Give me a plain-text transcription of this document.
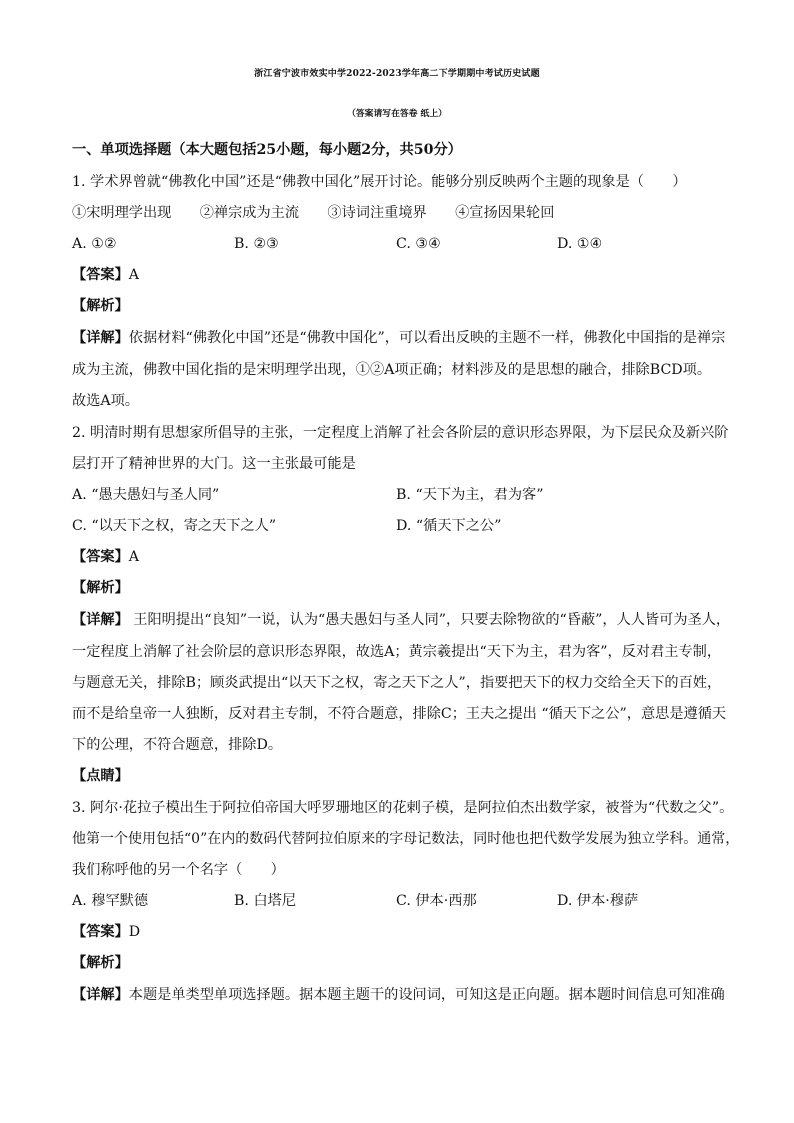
浙江省宁波市效实中学2022-2023学年高二下学期期中考试历史试题
（答案请写在答卷 纸上）
一、单项选择题（本大题包括25小题，每小题2分，共50分）
1. 学术界曾就“佛教化中国”还是“佛教中国化”展开讨论。能够分别反映两个主题的现象是（　　）
①宋明理学出现　　②禅宗成为主流　　③诗词注重境界　　④宣扬因果轮回
A. ①②	B. ②③	C. ③④	D. ①④
【答案】A
【解析】
【详解】依据材料“佛教化中国”还是“佛教中国化”，可以看出反映的主题不一样，佛教化中国指的是禅宗
成为主流，佛教中国化指的是宋明理学出现，①②A项正确；材料涉及的是思想的融合，排除BCD项。
故选A项。
2. 明清时期有思想家所倡导的主张，一定程度上消解了社会各阶层的意识形态界限，为下层民众及新兴阶
层打开了精神世界的大门。这一主张最可能是
A. “愚夫愚妇与圣人同”	B. “天下为主，君为客”
C. “以天下之权，寄之天下之人”	D. “循天下之公”
【答案】A
【解析】
【详解】 王阳明提出“良知”一说，认为“愚夫愚妇与圣人同”，只要去除物欲的“昏蔽”，人人皆可为圣人，
一定程度上消解了社会阶层的意识形态界限，故选A；黄宗羲提出“天下为主，君为客”，反对君主专制，
与题意无关，排除B；顾炎武提出“以天下之权，寄之天下之人”，指要把天下的权力交给全天下的百姓，
而不是给皇帝一人独断，反对君主专制，不符合题意，排除C；王夫之提出 “循天下之公”，意思是遵循天
下的公理，不符合题意，排除D。
【点睛】
3. 阿尔·花拉子模出生于阿拉伯帝国大呼罗珊地区的花剌子模，是阿拉伯杰出数学家，被誉为“代数之父”。
他第一个使用包括“0”在内的数码代替阿拉伯原来的字母记数法，同时他也把代数学发展为独立学科。通常，
我们称呼他的另一个名字（　　）
A. 穆罕默德	B. 白塔尼	C. 伊本·西那	D. 伊本·穆萨
【答案】D
【解析】
【详解】本题是单类型单项选择题。据本题主题干的设问词，可知这是正向题。据本题时间信息可知准确
